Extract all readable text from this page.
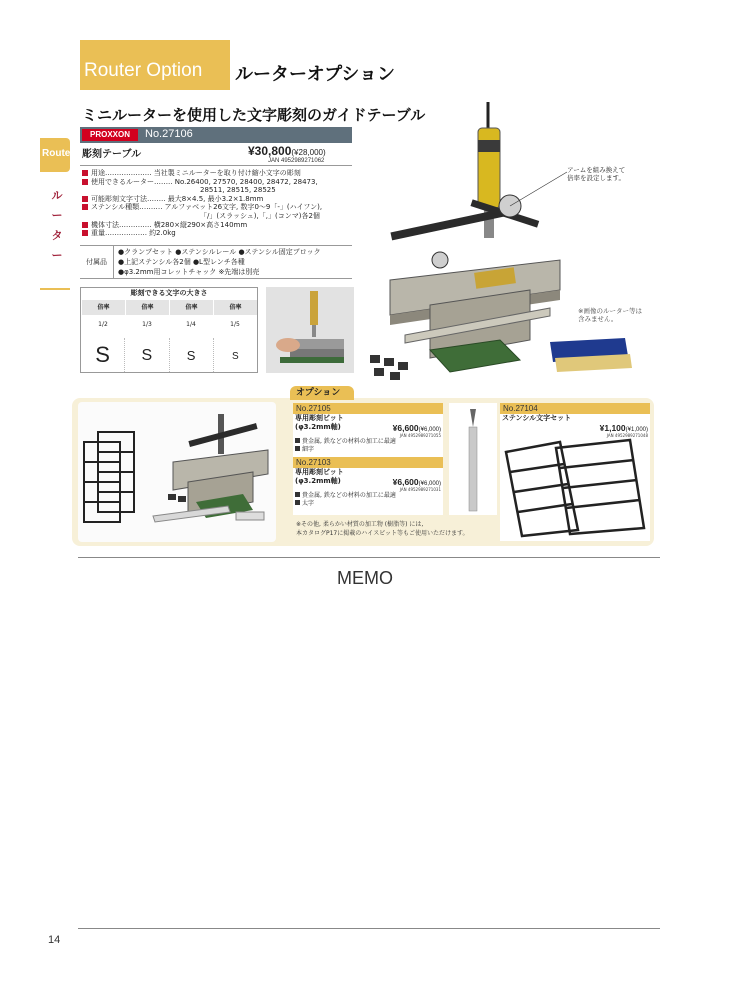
Router Option ルーターオプション
Router
ル
ー
タ
ー
ミニルーターを使用した文字彫刻のガイドテーブル
PROXXON	No.27106
彫刻テーブル	¥30,800(¥28,000)
JAN 4952989271062
用途‥‥‥‥‥‥‥‥‥‥ 当社製ミニルーターを取り付け縮小文字の彫刻
使用できるルーター‥‥‥‥ No.26400, 27570, 28400, 28472, 28473,
28511, 28515, 28525
可能彫刻文字寸法‥‥‥‥ 最大8×4.5, 最小3.2×1.8mm
ステンシル種類‥‥‥‥‥ アルファベット26文字, 数字0〜9「-」(ハイフン),
「/」(スラッシュ),「,」(コンマ)各2個
機体寸法‥‥‥‥‥‥‥ 横280×縦290×高さ140mm
重量‥‥‥‥‥‥‥‥‥ 約2.0kg
付属品
●クランプセット ●ステンシルレール ●ステンシル固定ブロック
●上記ステンシル各2個 ●L型レンチ各種
●φ3.2mm用コレットチャック ※先端は別売
彫刻できる文字の大きさ
倍率	倍率	倍率	倍率
1/2	1/3	1/4	1/5
S	S	S	S
アームを組み換えて
倍率を設定します。
※画像のルーター等は
含みません。
オプション
No.27105
専用彫刻ビット
(φ3.2mm軸)	¥6,600(¥6,000)
JAN 4952989271055
貴金属, 鉄などの材料の加工に最適
細字
No.27103
専用彫刻ビット
(φ3.2mm軸)	¥6,600(¥6,000)
JAN 4952989271031
貴金属, 鉄などの材料の加工に最適
太字
No.27104
ステンシル文字セット
¥1,100(¥1,000)
JAN 4952989271048
※その他, 柔らかい材質の加工物 (樹脂等) には,
本カタログP17に掲載のハイスビット等もご使用いただけます。
MEMO
14
